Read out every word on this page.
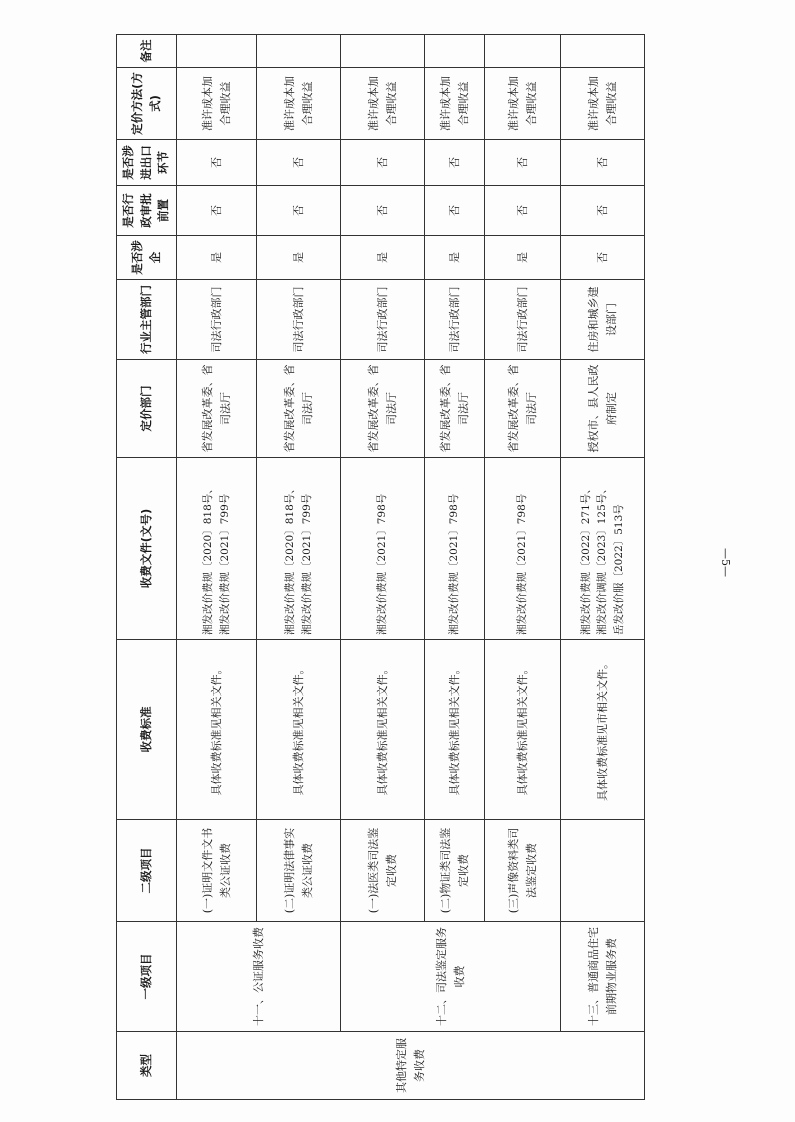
类型	一级项目	二级项目	收费标准	收费文件(文号)	定价部门	行业主管部门	是否涉企	是否行政审批前置	是否涉进出口环节	定价方法(方式)	备注
其他特定服务收费	十一、公证服务收费	(一)证明文件文书类公证收费	具体收费标准见相关文件。	湘发改价费规〔2020〕818号、 湘发改价费规〔2021〕799号	省发展改革委、省司法厅	司法行政部门	是	否	否	准许成本加合理收益	
		(二)证明法律事实类公证收费	具体收费标准见相关文件。	湘发改价费规〔2020〕818号、 湘发改价费规〔2021〕799号	省发展改革委、省司法厅	司法行政部门	是	否	否	准许成本加合理收益	
	十二、司法鉴定服务收费	(一)法医类司法鉴定收费	具体收费标准见相关文件。	湘发改价费规〔2021〕798号	省发展改革委、省司法厅	司法行政部门	是	否	否	准许成本加合理收益	
		(二)物证类司法鉴定收费	具体收费标准见相关文件。	湘发改价费规〔2021〕798号	省发展改革委、省司法厅	司法行政部门	是	否	否	准许成本加合理收益	
		(三)声像资料类司法鉴定收费	具体收费标准见相关文件。	湘发改价费规〔2021〕798号	省发展改革委、省司法厅	司法行政部门	是	否	否	准许成本加合理收益	
	十三、普通商品住宅前期物业服务费		具体收费标准见市相关文件。	湘发改价费规〔2022〕271号、 湘发改价调规〔2023〕125号、 岳发改价服〔2022〕513号	授权市、县人民政府制定	住房和城乡建设部门	否	否	否	准许成本加合理收益	
—5—
